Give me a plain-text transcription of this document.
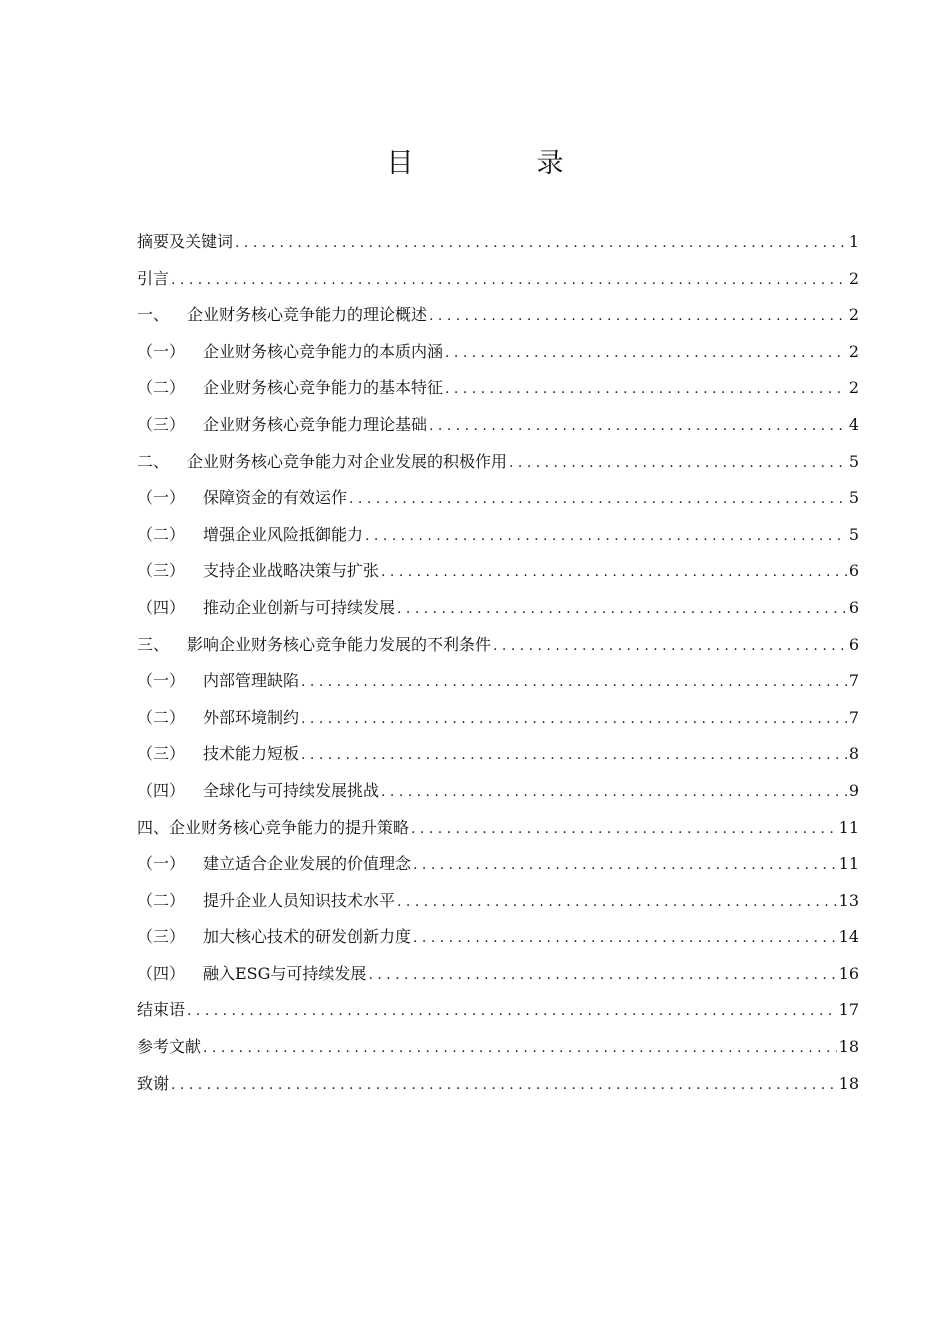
目　录
摘要及关键词 . . .	1
引言 . . .	2
一、 企业财务核心竞争能力的理论概述 . . .	2
（一） 企业财务核心竞争能力的本质内涵 . . .	2
（二） 企业财务核心竞争能力的基本特征 . . .	2
（三） 企业财务核心竞争能力理论基础 . . .	4
二、 企业财务核心竞争能力对企业发展的积极作用 . . .	5
（一） 保障资金的有效运作 . . .	5
（二） 增强企业风险抵御能力 . . .	5
（三） 支持企业战略决策与扩张 . . .	6
（四） 推动企业创新与可持续发展 . . .	6
三、 影响企业财务核心竞争能力发展的不利条件 . . .	6
（一） 内部管理缺陷 . . .	7
（二） 外部环境制约 . . .	7
（三） 技术能力短板 . . .	8
（四） 全球化与可持续发展挑战 . . .	9
四、企业财务核心竞争能力的提升策略 . . .	11
（一） 建立适合企业发展的价值理念 . . .	11
（二） 提升企业人员知识技术水平 . . .	13
（三） 加大核心技术的研发创新力度 . . .	14
（四） 融入ESG与可持续发展 . . .	16
结束语 . . .	17
参考文献 . . .	18
致谢 . . .	18
